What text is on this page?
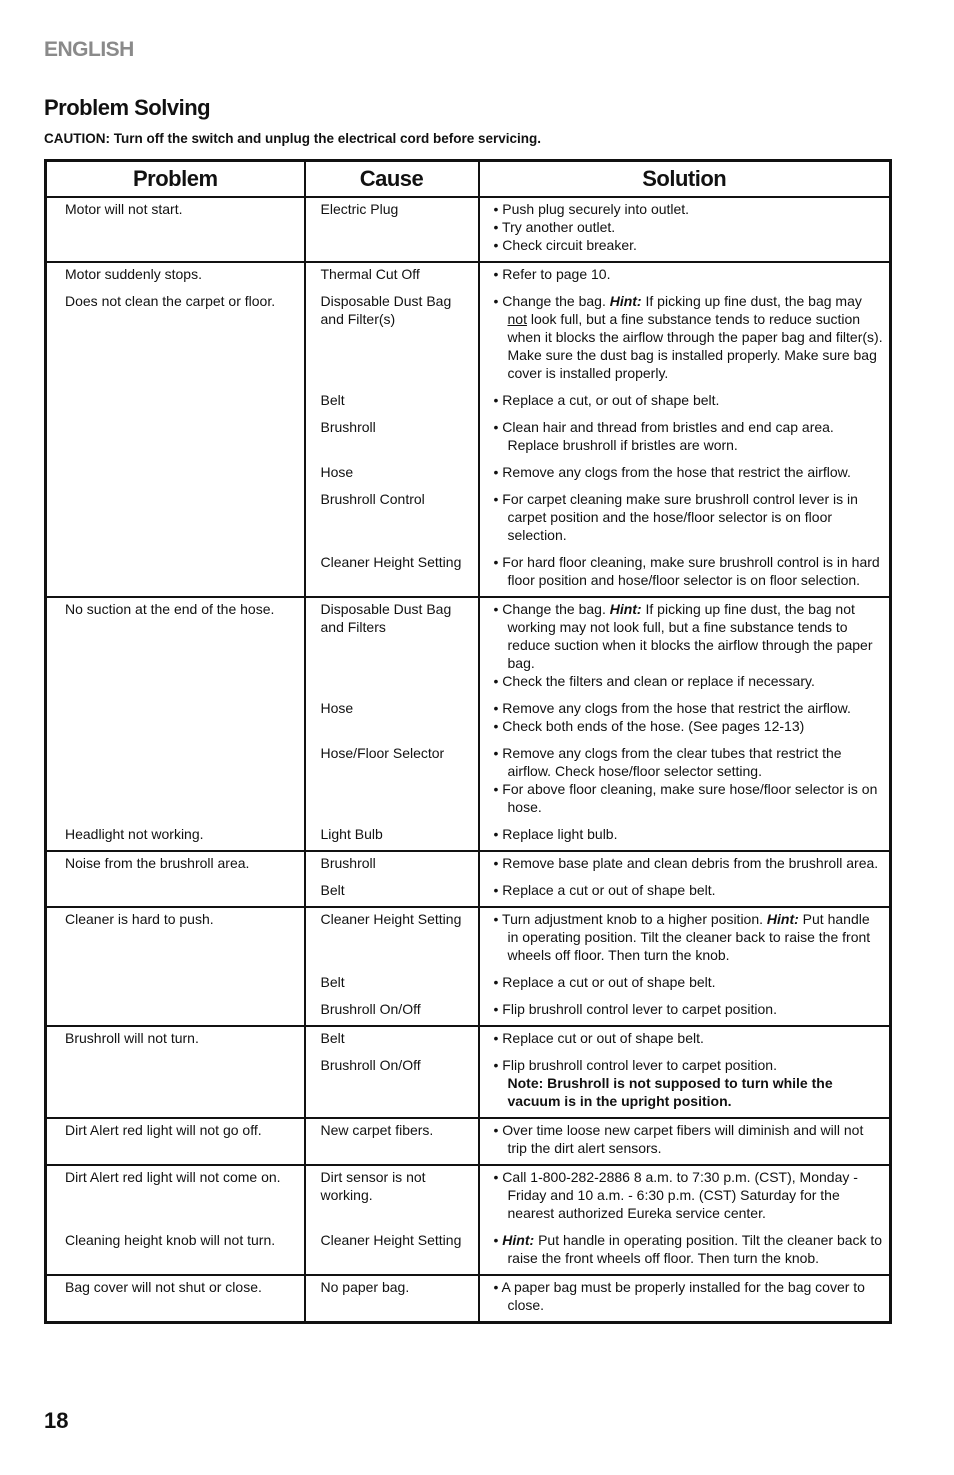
ENGLISH
Problem Solving
CAUTION: Turn off the switch and unplug the electrical cord before servicing.
Problem	Cause	Solution

Motor will not start.	Electric Plug	• Push plug securely into outlet.
• Try another outlet.
• Check circuit breaker.

Motor suddenly stops.	Thermal Cut Off	• Refer to page 10.

Does not clean the carpet or floor.	Disposable Dust Bag and Filter(s)	• Change the bag. Hint: If picking up fine dust, the bag may not look full, but a fine substance tends to reduce suction when it blocks the airflow through the paper bag and filter(s). Make sure the dust bag is installed properly. Make sure bag cover is installed properly.

	Belt	• Replace a cut, or out of shape belt.

	Brushroll	• Clean hair and thread from bristles and end cap area. Replace brushroll if bristles are worn.

	Hose	• Remove any clogs from the hose that restrict the airflow.

	Brushroll Control	• For carpet cleaning make sure brushroll control lever is in carpet position and the hose/floor selector is on floor selection.

	Cleaner Height Setting	• For hard floor cleaning, make sure brushroll control is in hard floor position and hose/floor selector is on floor selection.

No suction at the end of the hose.	Disposable Dust Bag and Filters	• Change the bag. Hint: If picking up fine dust, the bag not working may not look full, but a fine substance tends to reduce suction when it blocks the airflow through the paper bag.
• Check the filters and clean or replace if necessary.

	Hose	• Remove any clogs from the hose that restrict the airflow.
• Check both ends of the hose. (See pages 12-13)

	Hose/Floor Selector	• Remove any clogs from the clear tubes that restrict the airflow. Check hose/floor selector setting.
• For above floor cleaning, make sure hose/floor selector is on hose.

Headlight not working.	Light Bulb	• Replace light bulb.

Noise from the brushroll area.	Brushroll	• Remove base plate and clean debris from the brushroll area.

	Belt	• Replace a cut or out of shape belt.

Cleaner is hard to push.	Cleaner Height Setting	• Turn adjustment knob to a higher position. Hint: Put handle in operating position. Tilt the cleaner back to raise the front wheels off floor. Then turn the knob.

	Belt	• Replace a cut or out of shape belt.

	Brushroll On/Off	• Flip brushroll control lever to carpet position.

Brushroll will not turn.	Belt	• Replace cut or out of shape belt.

	Brushroll On/Off	• Flip brushroll control lever to carpet position.
Note: Brushroll is not supposed to turn while the vacuum is in the upright position.

Dirt Alert red light will not go off.	New carpet fibers.	• Over time loose new carpet fibers will diminish and will not trip the dirt alert sensors.

Dirt Alert red light will not come on.	Dirt sensor is not working.	• Call 1-800-282-2886 8 a.m. to 7:30 p.m. (CST), Monday - Friday and 10 a.m. - 6:30 p.m. (CST) Saturday for the nearest authorized Eureka service center.

Cleaning height knob will not turn.	Cleaner Height Setting	• Hint: Put handle in operating position. Tilt the cleaner back to raise the front wheels off floor. Then turn the knob.

Bag cover will not shut or close.	No paper bag.	• A paper bag must be properly installed for the bag cover to close.
18
